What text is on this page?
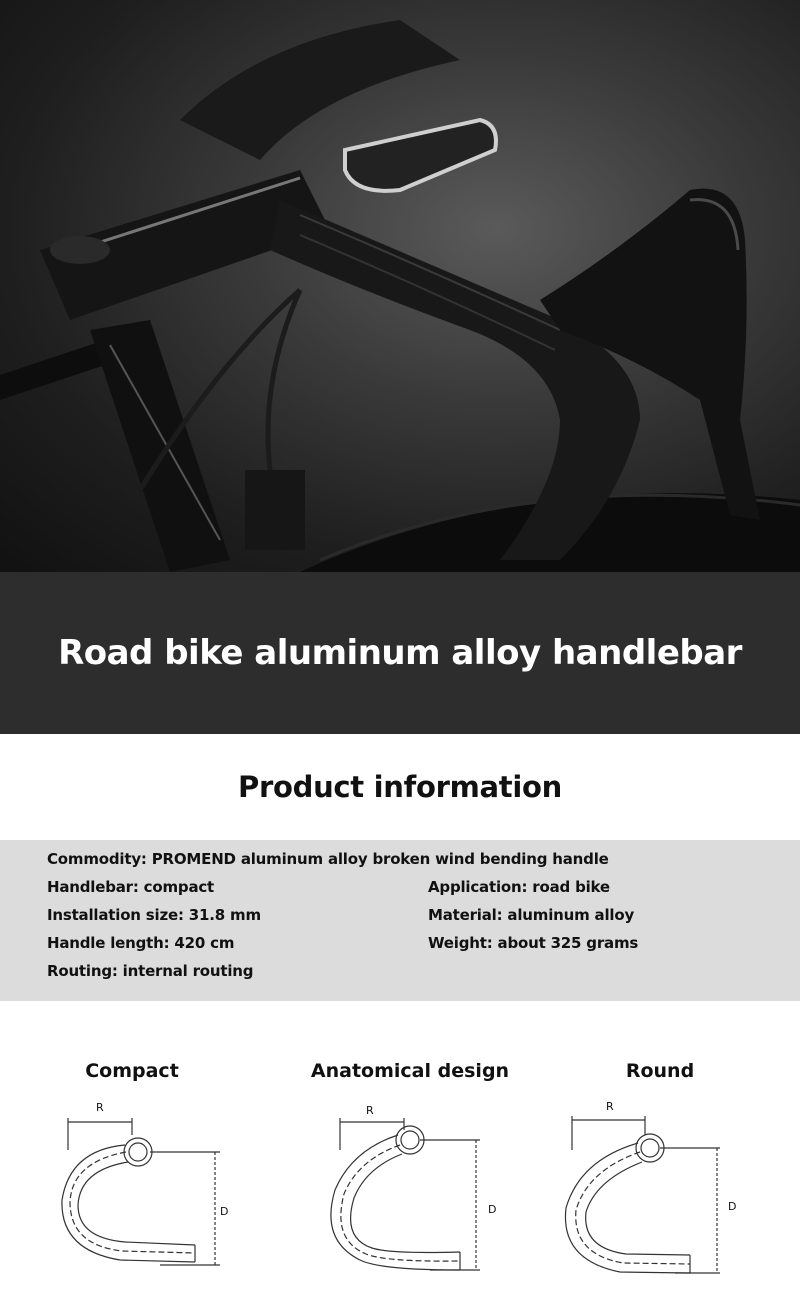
Road bike aluminum alloy handlebar
Product information
Commodity: PROMEND aluminum alloy broken wind bending handle
Handlebar: compact
Installation size: 31.8 mm
Handle length: 420 cm
Routing: internal routing
Application: road bike
Material: aluminum alloy
Weight: about 325 grams
Compact
R
D
Anatomical design
R
D
Round
R
D
